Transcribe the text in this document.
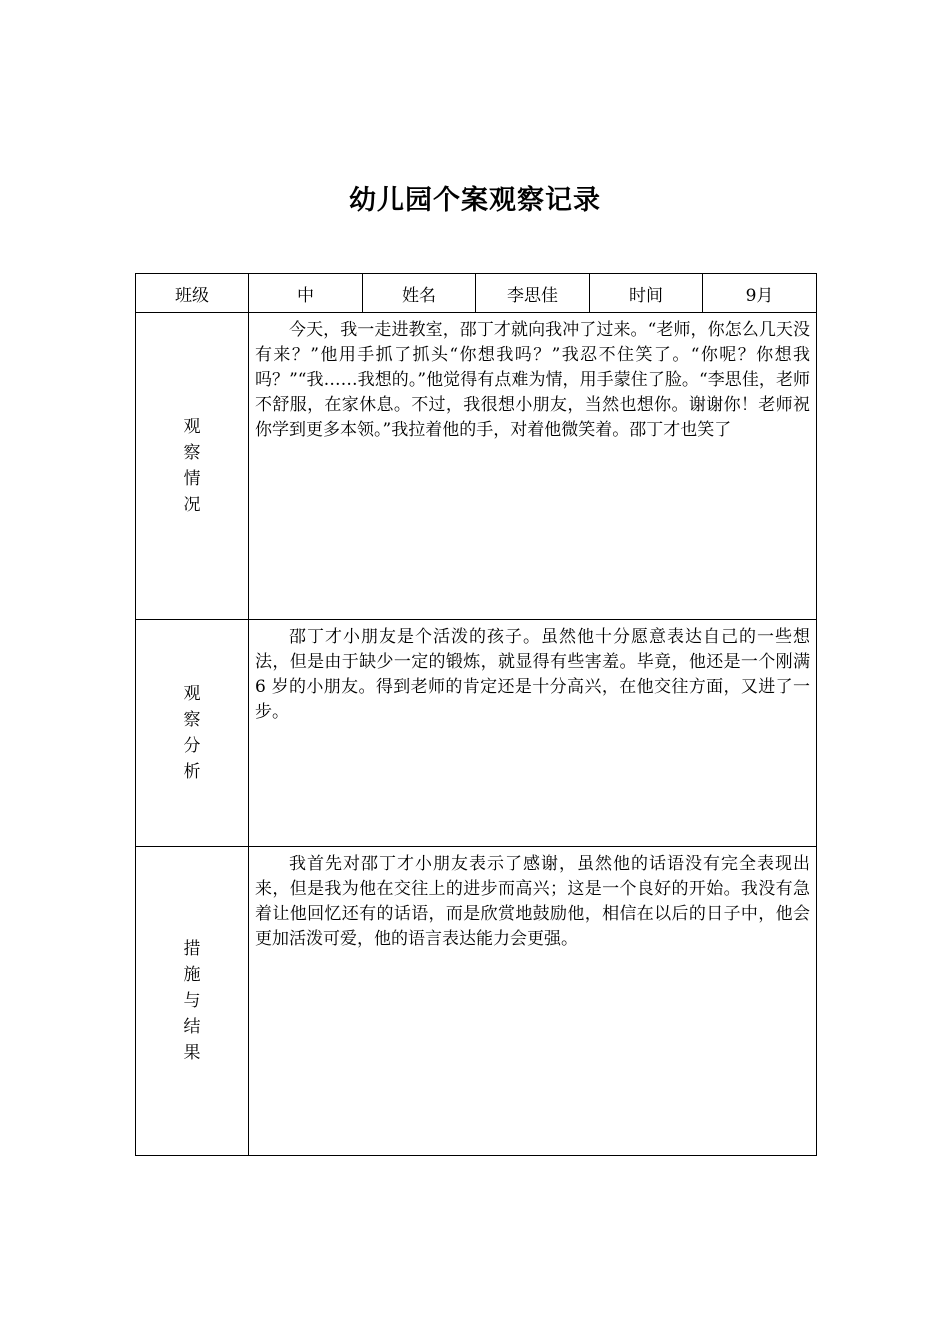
幼儿园个案观察记录
班级	中	姓名	李思佳	时间	9月

观
察
情
况	今天，我一走进教室，邵丁才就向我冲了过来。“老师，你怎么几天没有来？”他用手抓了抓头“你想我吗？”我忍不住笑了。“你呢？你想我吗？”“我……我想的。”他觉得有点难为情，用手蒙住了脸。“李思佳，老师不舒服，在家休息。不过，我很想小朋友，当然也想你。谢谢你！老师祝你学到更多本领。”我拉着他的手，对着他微笑着。邵丁才也笑了				

观
察
分
析	邵丁才小朋友是个活泼的孩子。虽然他十分愿意表达自己的一些想法，但是由于缺少一定的锻炼，就显得有些害羞。毕竟，他还是一个刚满 6 岁的小朋友。得到老师的肯定还是十分高兴，在他交往方面，又进了一步。				

措
施
与
结
果	我首先对邵丁才小朋友表示了感谢，虽然他的话语没有完全表现出来，但是我为他在交往上的进步而高兴；这是一个良好的开始。我没有急着让他回忆还有的话语，而是欣赏地鼓励他，相信在以后的日子中，他会更加活泼可爱，他的语言表达能力会更强。				
